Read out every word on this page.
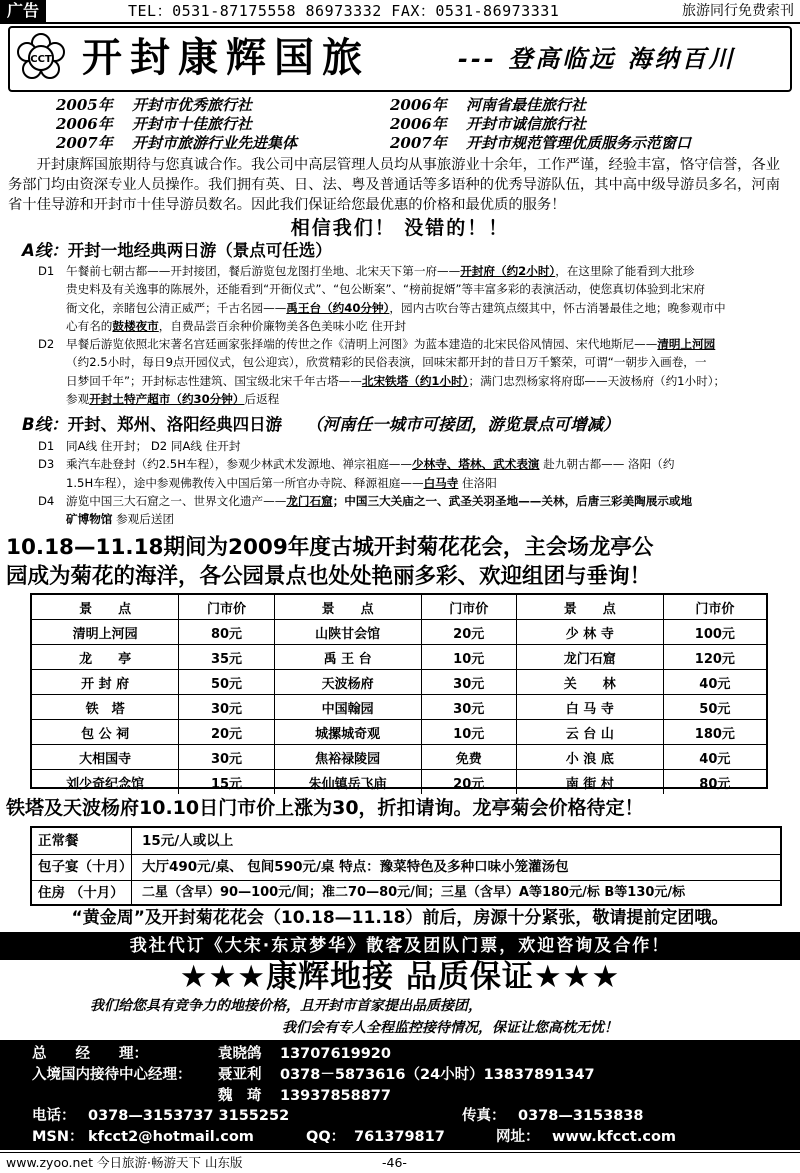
广告	TEL：0531-87175558 86973332 FAX：0531-86973331	旅游同行免费索刊
CCT 开封康辉国旅	--- 登高临远 海纳百川
2005年 开封市优秀旅行社	2006年 河南省最佳旅行社
2006年 开封市十佳旅行社	2006年 开封市诚信旅行社
2007年 开封市旅游行业先进集体	2007年 开封市规范管理优质服务示范窗口
开封康辉国旅期待与您真诚合作。我公司中高层管理人员均从事旅游业十余年，工作严谨，经验丰富，恪守信誉，各业务部门均由资深专业人员操作。我们拥有英、日、法、粤及普通话等多语种的优秀导游队伍，其中高中级导游员多名，河南省十佳导游和开封市十佳导游员数名。因此我们保证给您最优惠的价格和最优质的服务！
相信我们！ 没错的！！
A线：开封一地经典两日游（景点可任选）
D1 午餐前七朝古都——开封接团，餐后游览包龙图打坐地、北宋天下第一府——开封府（约2小时），在这里除了能看到大批珍
贵史料及有关逸事的陈展外，还能看到“开衙仪式”、“包公断案”、“榜前捉婿”等丰富多彩的表演活动，使您真切体验到北宋府
衙文化，亲睹包公清正威严；千古名园——禹王台（约40分钟），园内古吹台等古建筑点缀其中，怀古消暑最佳之地；晚参观市中
心有名的鼓楼夜市，自费品尝百余种价廉物美各色美味小吃 住开封
D2 早餐后游览依照北宋著名宫廷画家张择端的传世之作《清明上河图》为蓝本建造的北宋民俗风情园、宋代地斯尼——清明上河园
（约2.5小时，每日9点开园仪式，包公迎宾），欣赏精彩的民俗表演，回味宋都开封的昔日万千繁荣，可谓“一朝步入画卷，一
日梦回千年”；开封标志性建筑、国宝级北宋千年古塔——北宋铁塔（约1小时）；满门忠烈杨家将府邸——天波杨府（约1小时）；
参观开封土特产超市（约30分钟）后返程
B线：开封、郑州、洛阳经典四日游 （河南任一城市可接团，游览景点可增减）
D1 同A线 住开封； D2 同A线 住开封
D3 乘汽车赴登封（约2.5H车程），参观少林武术发源地、禅宗祖庭——少林寺、塔林、武术表演 赴九朝古都—— 洛阳（约
1.5H车程），途中参观佛教传入中国后第一所官办寺院、释源祖庭——白马寺 住洛阳
D4 游览中国三大石窟之一、世界文化遗产——龙门石窟；中国三大关庙之一、武圣关羽圣地——关林，后唐三彩美陶展示或地
矿博物馆 参观后送团
10.18—11.18期间为2009年度古城开封菊花花会，主会场龙亭公
园成为菊花的海洋，各公园景点也处处艳丽多彩、欢迎组团与垂询！
景　　点	门市价	景　　点	门市价	景　　点	门市价
清明上河园	80元	山陕甘会馆	20元	少 林 寺	100元
龙　　亭	35元	禹 王 台	10元	龙门石窟	120元
开 封 府	50元	天波杨府	30元	关　　林	40元
铁　塔	30元	中国翰园	30元	白 马 寺	50元
包 公 祠	20元	城摞城奇观	10元	云 台 山	180元
大相国寺	30元	焦裕禄陵园	免费	小 浪 底	40元
刘少奇纪念馆	15元	朱仙镇岳飞庙	20元	南 街 村	80元
铁塔及天波杨府10.10日门市价上涨为30，折扣请询。龙亭菊会价格待定！
正常餐	15元/人或以上
包子宴（十月） 大厅490元/桌、 包间590元/桌 特点：豫菜特色及多种口味小笼灌汤包
住房 （十月）	二星（含早）90—100元/间；准二70—80元/间；三星（含早）A等180元/标 B等130元/标
“黄金周”及开封菊花花会（10.18—11.18）前后，房源十分紧张，敬请提前定团哦。
我社代订《大宋·东京梦华》散客及团队门票，欢迎咨询及合作！
★★★康辉地接 品质保证★★★
我们给您具有竞争力的地接价格，且开封市首家提出品质接团，
我们会有专人全程监控接待情况，保证让您高枕无忧！
总　　经　　理：	袁晓鸽 13707619920
入境国内接待中心经理： 聂亚利 0378－5873616（24小时）13837891347
魏　琦 13937858877
电话： 0378—3153737 3155252	传真： 0378—3153838
MSN： kfcct2@hotmail.com	QQ： 761379817	网址： www.kfcct.com
www.zyoo.net 今日旅游·畅游天下 山东版	-46-
